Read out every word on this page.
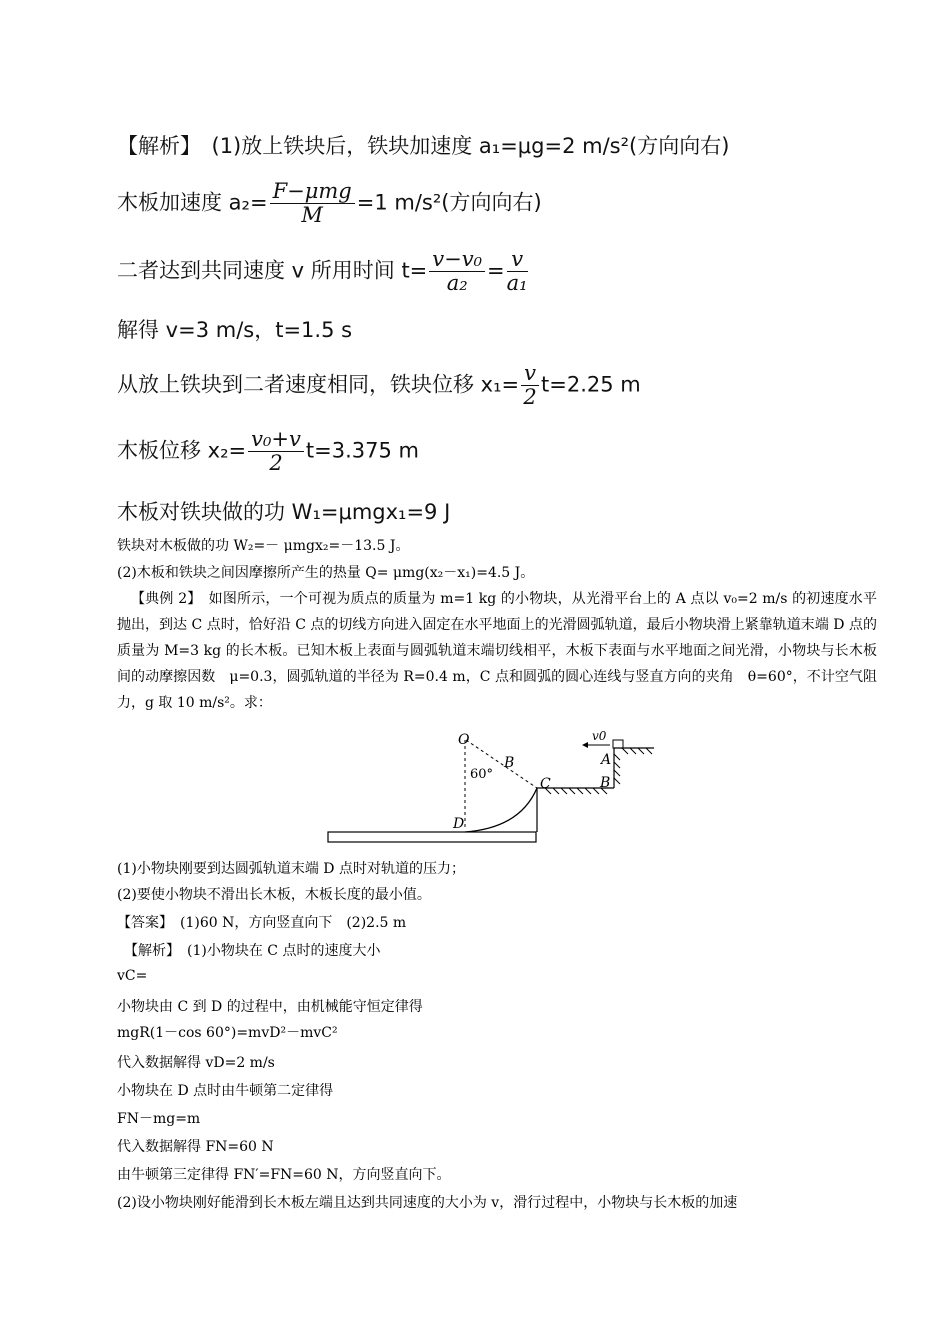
【解析】　(1)放上铁块后，铁块加速度 a₁=μg=2 m/s²(方向向右)
木板加速度 $a_2= \frac{\text{F−μmg}}{M} =1$ m/s²(方向向右)
二者达到共同速度 v 所用时间 $t= \frac{\text{v−v₀}}{\text{a₂}} = \frac{v}{\text{a₁}}$
解得 v=3 m/s，t=1.5 s
从放上铁块到二者速度相同，铁块位移 $x_1= \frac{v}{2} t=2.25$ m
木板位移 $x_2= \frac{\text{v₀+v}}{2} t=3.375$ m
木板对铁块做的功 W₁=μmgx₁=9 J
铁块对木板做的功 W₂=－ μmgx₂=－13.5 J。
(2)木板和铁块之间因摩擦所产生的热量 Q= μmg(x₂－x₁)=4.5 J。
【典例 2】　如图所示，一个可视为质点的质量为 m=1 kg 的小物块，从光滑平台上的 A 点以 v₀=2 m/s 的初速度水平抛出，到达 C 点时，恰好沿 C 点的切线方向进入固定在水平地面上的光滑圆弧轨道，最后小物块滑上紧靠轨道末端 D 点的质量为 M=3 kg 的长木板。已知木板上表面与圆弧轨道末端切线相平，木板下表面与水平地面之间光滑，小物块与长木板间的动摩擦因数　μ=0.3，圆弧轨道的半径为 R=0.4 m，C 点和圆弧的圆心连线与竖直方向的夹角　θ=60°，不计空气阻力，g 取 10 m/s²。求：
O
B
60°
C
D
A
B
v0
(1)小物块刚要到达圆弧轨道末端 D 点时对轨道的压力；
(2)要使小物块不滑出长木板，木板长度的最小值。
【答案】　(1)60 N，方向竖直向下　(2)2.5 m
　【解析】　(1)小物块在 C 点时的速度大小
vC=
小物块由 C 到 D 的过程中，由机械能守恒定律得
mgR(1－cos 60°)=mvD²－mvC²
代入数据解得 vD=2 m/s
小物块在 D 点时由牛顿第二定律得
FN－mg=m
代入数据解得 FN=60 N
由牛顿第三定律得 FN′=FN=60 N，方向竖直向下。
(2)设小物块刚好能滑到长木板左端且达到共同速度的大小为 v，滑行过程中，小物块与长木板的加速
